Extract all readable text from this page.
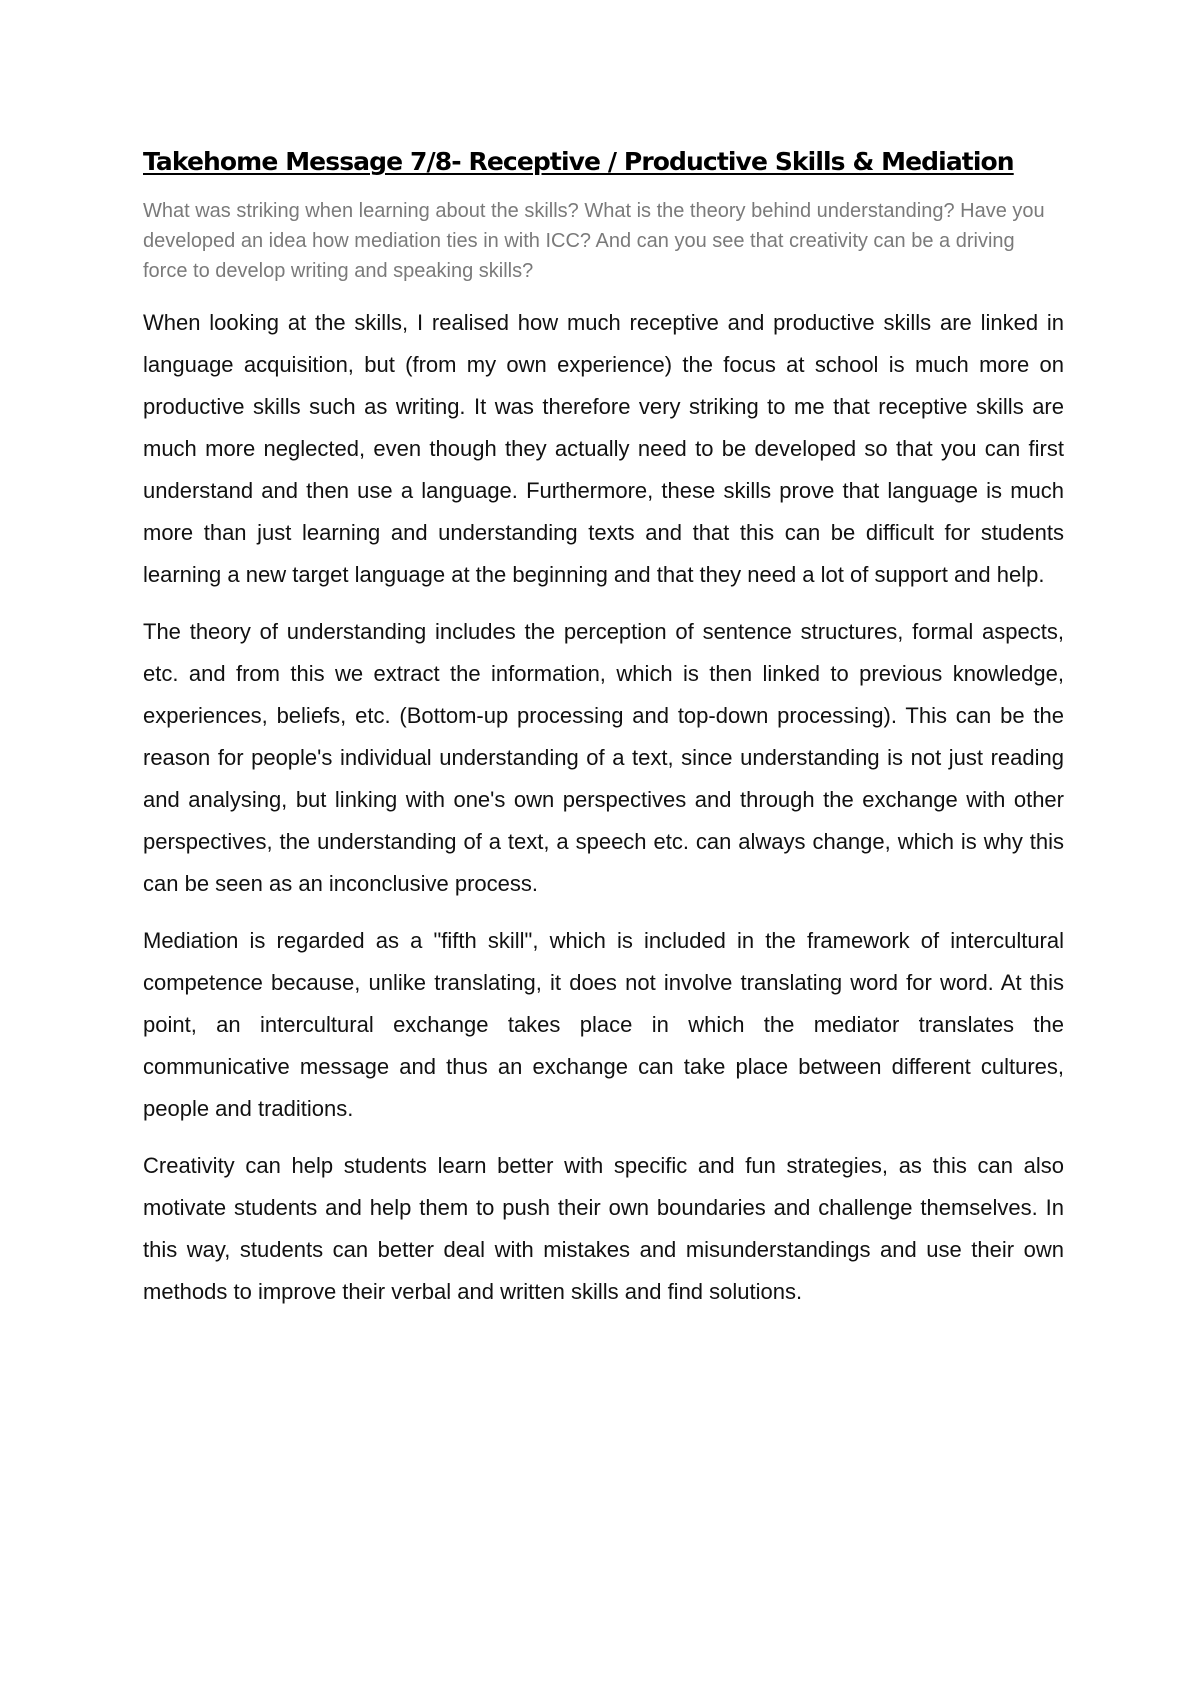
Takehome Message 7/8- Receptive / Productive Skills & Mediation

What was striking when learning about the skills? What is the theory behind understanding? Have you developed an idea how mediation ties in with ICC? And can you see that creativity can be a driving force to develop writing and speaking skills?

When looking at the skills, I realised how much receptive and productive skills are linked in language acquisition, but (from my own experience) the focus at school is much more on productive skills such as writing. It was therefore very striking to me that receptive skills are much more neglected, even though they actually need to be developed so that you can first understand and then use a language. Furthermore, these skills prove that language is much more than just learning and understanding texts and that this can be difficult for students learning a new target language at the beginning and that they need a lot of support and help.

The theory of understanding includes the perception of sentence structures, formal aspects, etc. and from this we extract the information, which is then linked to previous knowledge, experiences, beliefs, etc. (Bottom-up processing and top-down processing). This can be the reason for people's individual understanding of a text, since understanding is not just reading and analysing, but linking with one's own perspectives and through the exchange with other perspectives, the understanding of a text, a speech etc. can always change, which is why this can be seen as an inconclusive process.

Mediation is regarded as a "fifth skill", which is included in the framework of intercultural competence because, unlike translating, it does not involve translating word for word. At this point, an intercultural exchange takes place in which the mediator translates the communicative message and thus an exchange can take place between different cultures, people and traditions.

Creativity can help students learn better with specific and fun strategies, as this can also motivate students and help them to push their own boundaries and challenge themselves. In this way, students can better deal with mistakes and misunderstandings and use their own methods to improve their verbal and written skills and find solutions.
